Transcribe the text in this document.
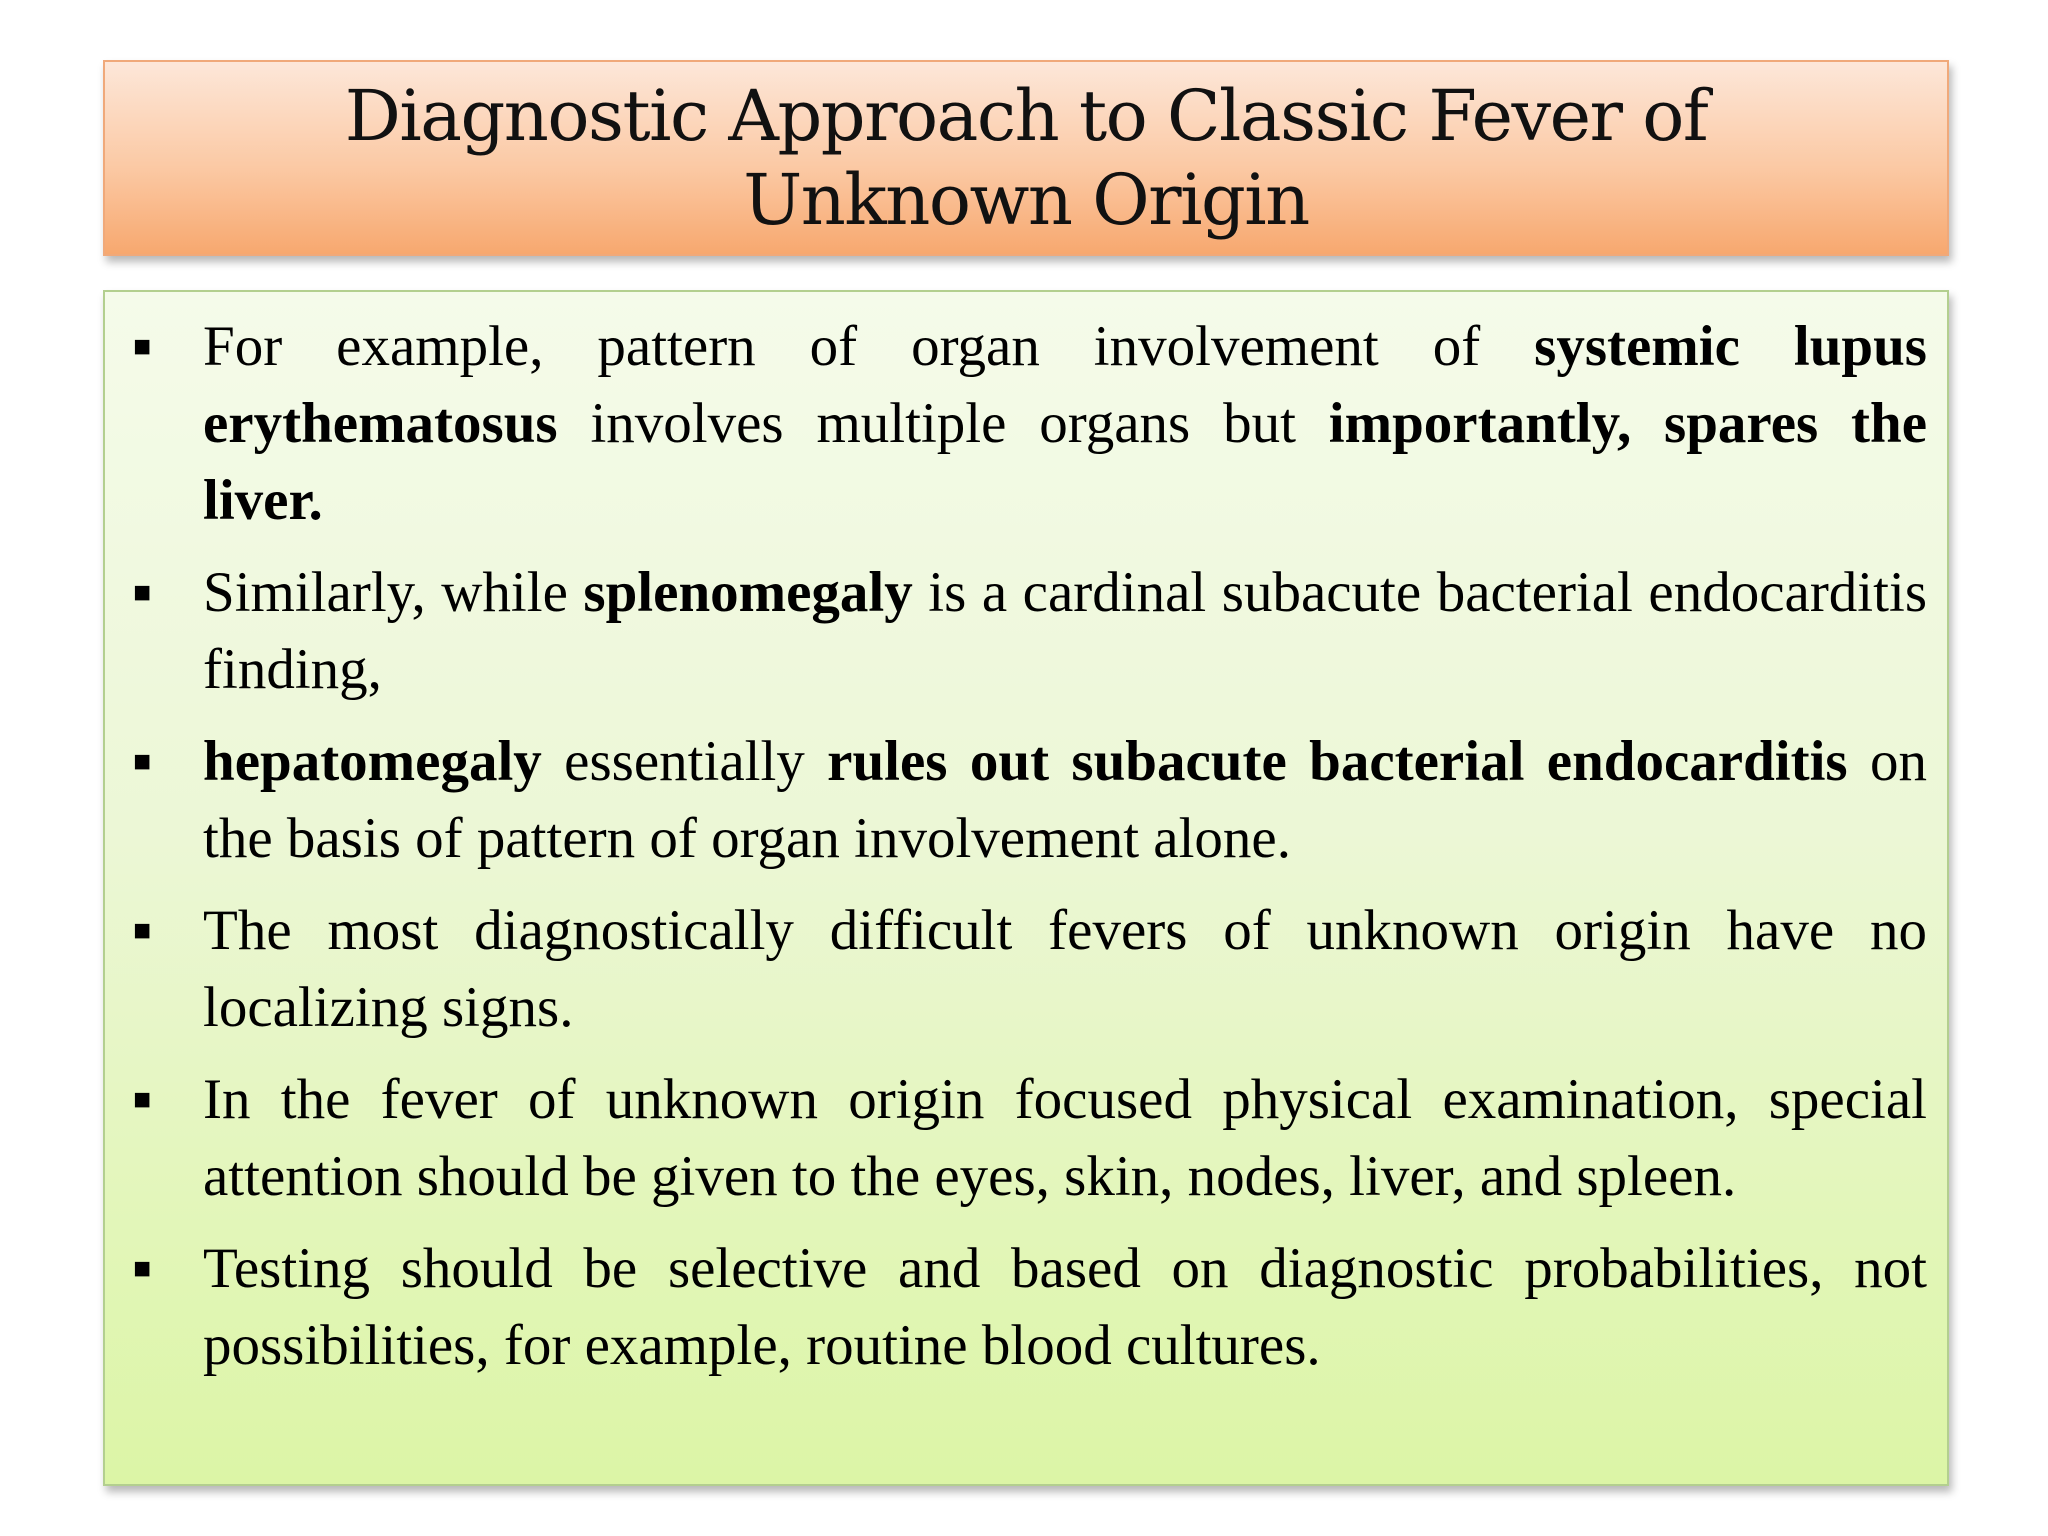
Diagnostic Approach to Classic Fever of
Unknown Origin
■ For example, pattern of organ involvement of systemic lupus erythematosus involves multiple organs but importantly, spares the liver.
■ Similarly, while splenomegaly is a cardinal subacute bacterial endocarditis finding,
■ hepatomegaly essentially rules out subacute bacterial endocarditis on the basis of pattern of organ involvement alone.
■ The most diagnostically difficult fevers of unknown origin have no localizing signs.
■ In the fever of unknown origin focused physical examination, special attention should be given to the eyes, skin, nodes, liver, and spleen.
■ Testing should be selective and based on diagnostic probabilities, not possibilities, for example, routine blood cultures.
